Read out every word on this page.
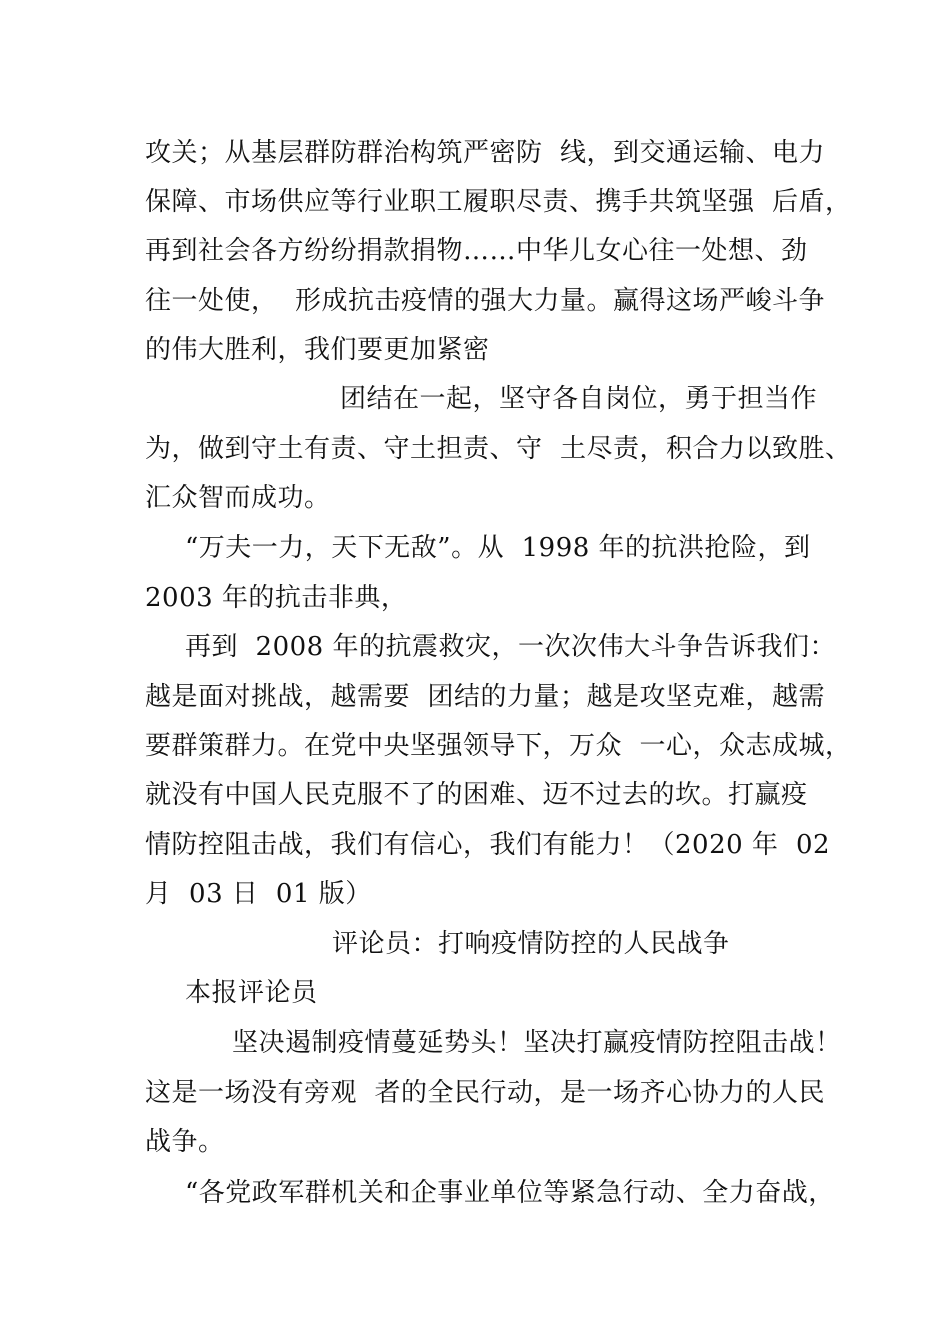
攻关；从基层群防群治构筑严密防  线，到交通运输、电力
保障、市场供应等行业职工履职尽责、携手共筑坚强  后盾，
再到社会各方纷纷捐款捐物……中华儿女心往一处想、劲
往一处使，  形成抗击疫情的强大力量。赢得这场严峻斗争
的伟大胜利，我们要更加紧密
团结在一起，坚守各自岗位，勇于担当作
为，做到守土有责、守土担责、守  土尽责，积合力以致胜、
汇众智而成功。
“万夫一力，天下无敌”。从  1998 年的抗洪抢险，到
2003 年的抗击非典，
再到  2008 年的抗震救灾，一次次伟大斗争告诉我们：
越是面对挑战，越需要  团结的力量；越是攻坚克难，越需
要群策群力。在党中央坚强领导下，万众  一心，众志成城，
就没有中国人民克服不了的困难、迈不过去的坎。打赢疫
情防控阻击战，我们有信心，我们有能力！（2020 年  02
月  03 日  01 版）
评论员：打响疫情防控的人民战争
本报评论员
坚决遏制疫情蔓延势头！坚决打赢疫情防控阻击战！
这是一场没有旁观  者的全民行动，是一场齐心协力的人民
战争。
“各党政军群机关和企事业单位等紧急行动、全力奋战，
